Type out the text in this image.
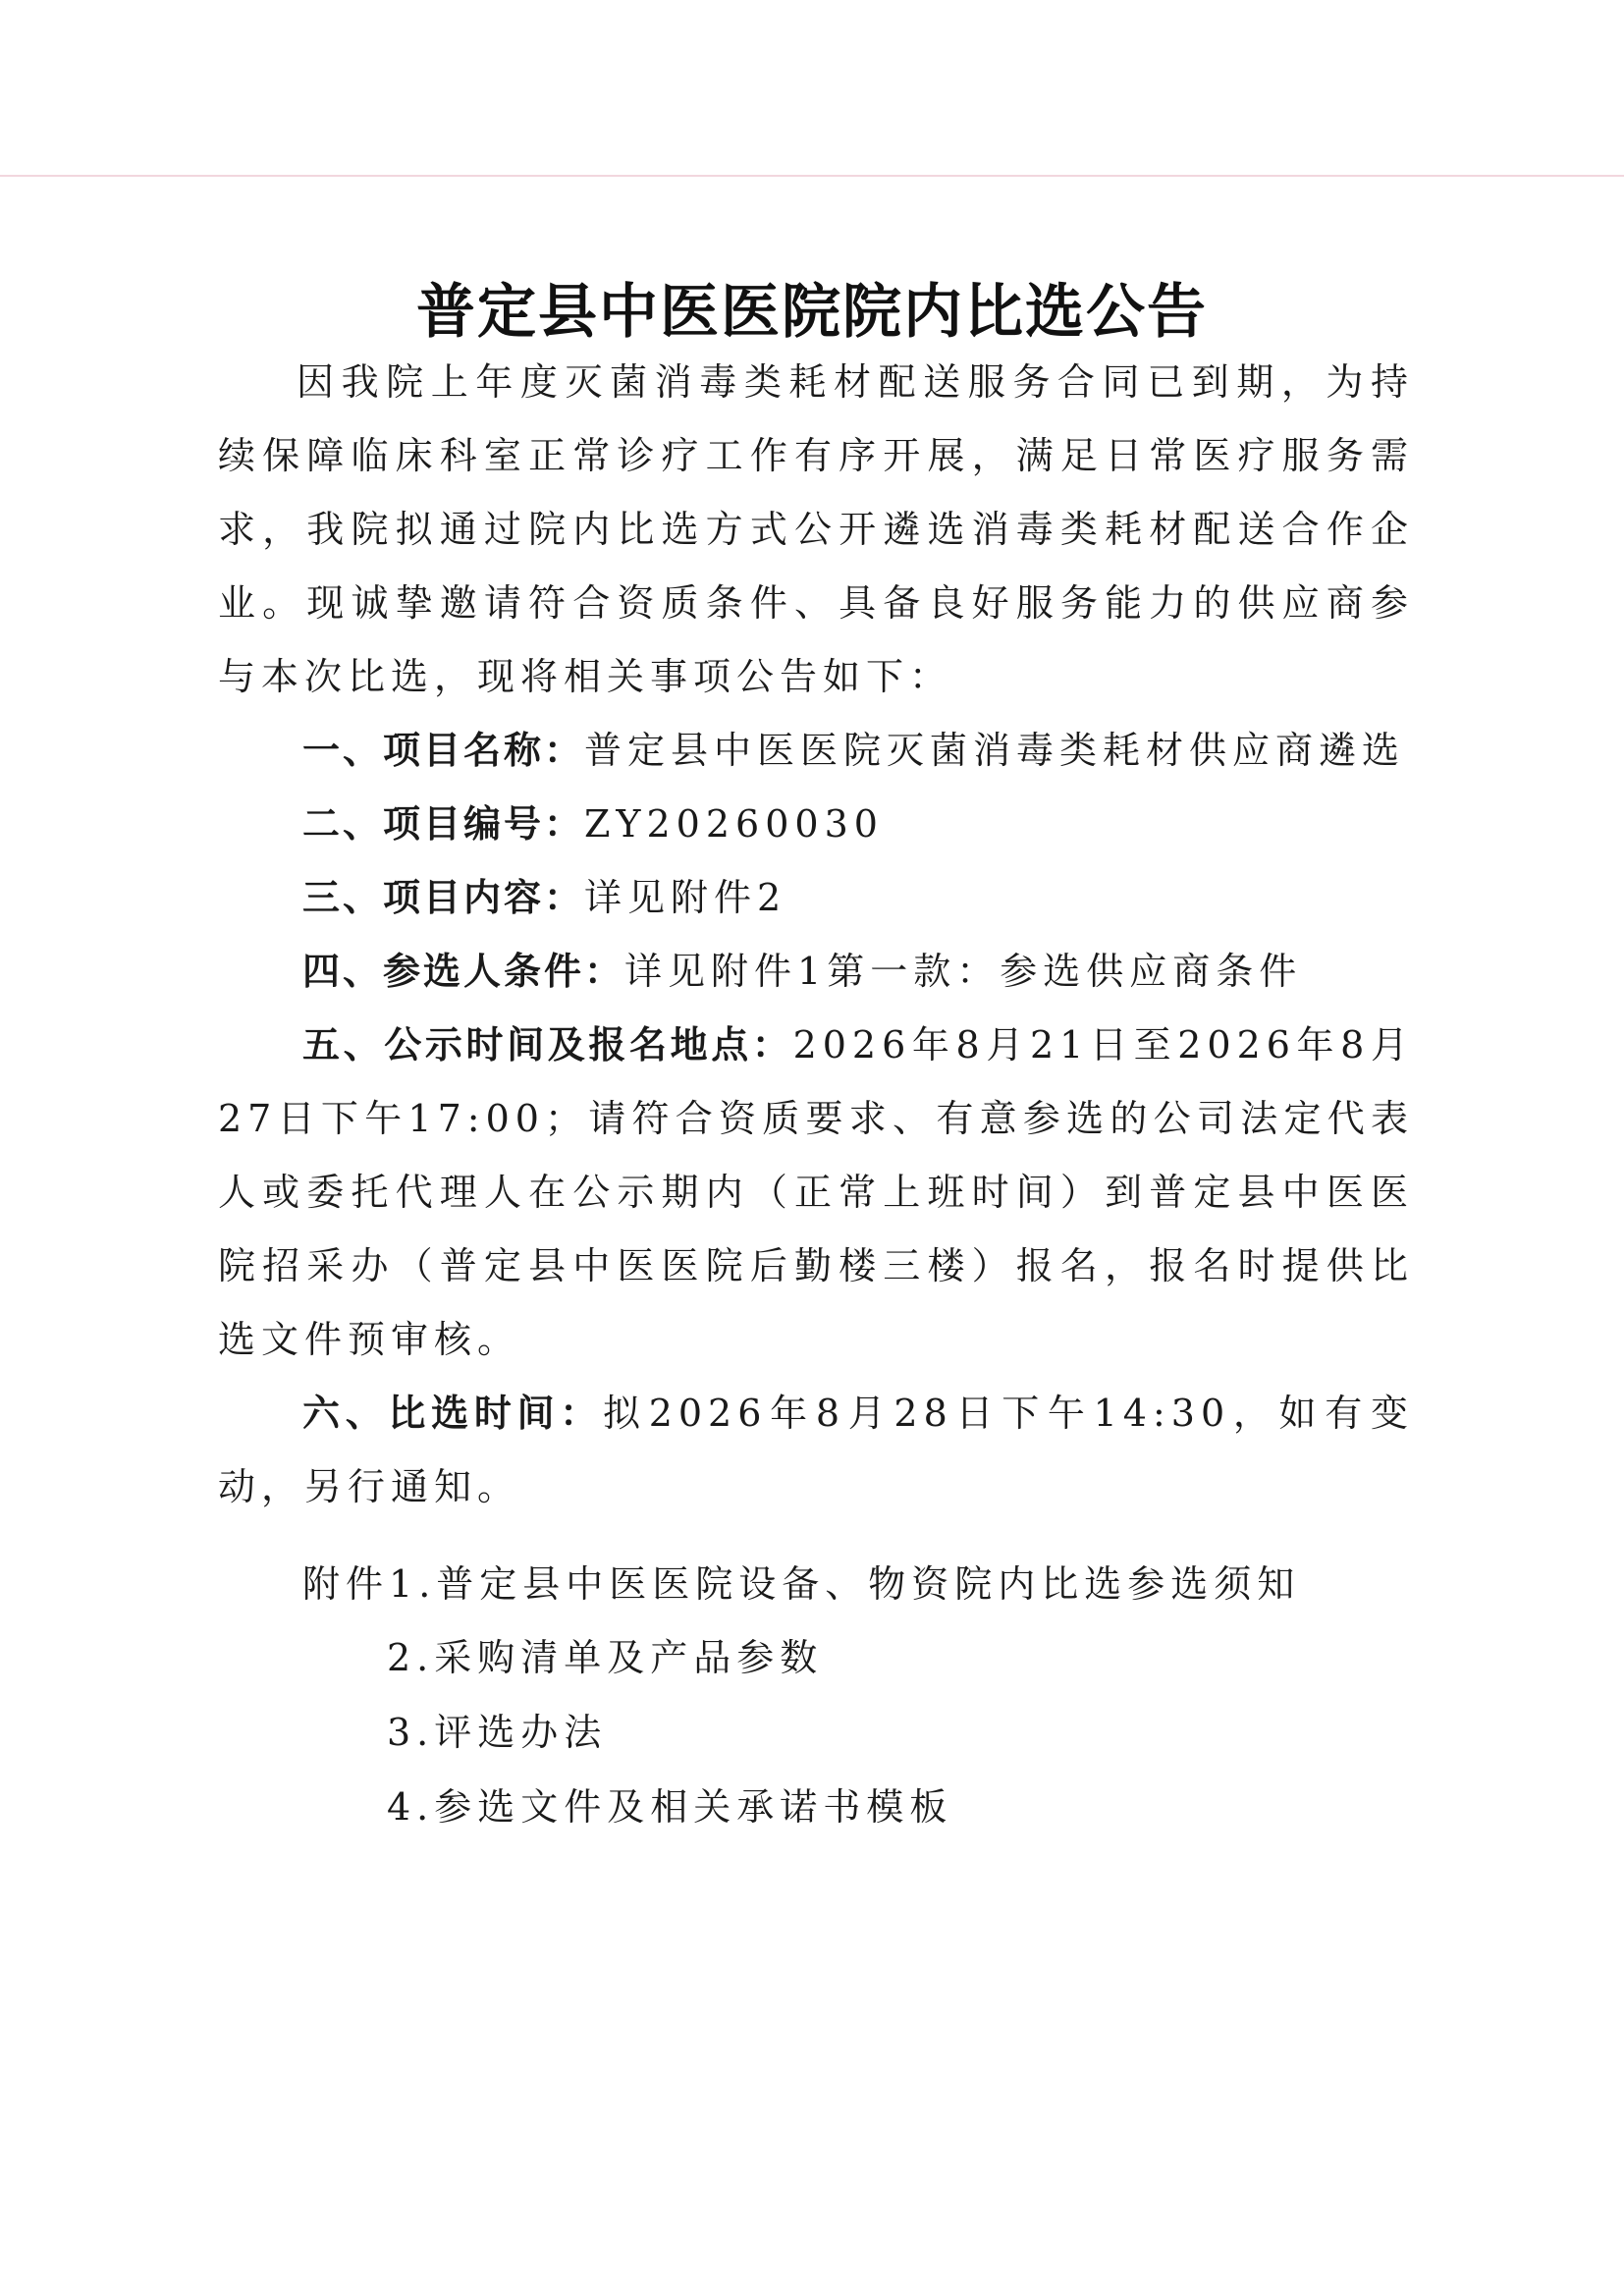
普定县中医医院院内比选公告

因我院上年度灭菌消毒类耗材配送服务合同已到期，为持续保障临床科室正常诊疗工作有序开展，满足日常医疗服务需求，我院拟通过院内比选方式公开遴选消毒类耗材配送合作企业。现诚挚邀请符合资质条件、具备良好服务能力的供应商参与本次比选，现将相关事项公告如下：

一、项目名称：普定县中医医院灭菌消毒类耗材供应商遴选

二、项目编号：ZY20260030

三、项目内容：详见附件2

四、参选人条件：详见附件1第一款：参选供应商条件

五、公示时间及报名地点：2026年8月21日至2026年8月27日下午17:00；请符合资质要求、有意参选的公司法定代表人或委托代理人在公示期内（正常上班时间）到普定县中医医院招采办（普定县中医医院后勤楼三楼）报名，报名时提供比选文件预审核。

六、比选时间：拟2026年8月28日下午14:30，如有变动，另行通知。

附件1.普定县中医医院设备、物资院内比选参选须知
2.采购清单及产品参数
3.评选办法
4.参选文件及相关承诺书模板
